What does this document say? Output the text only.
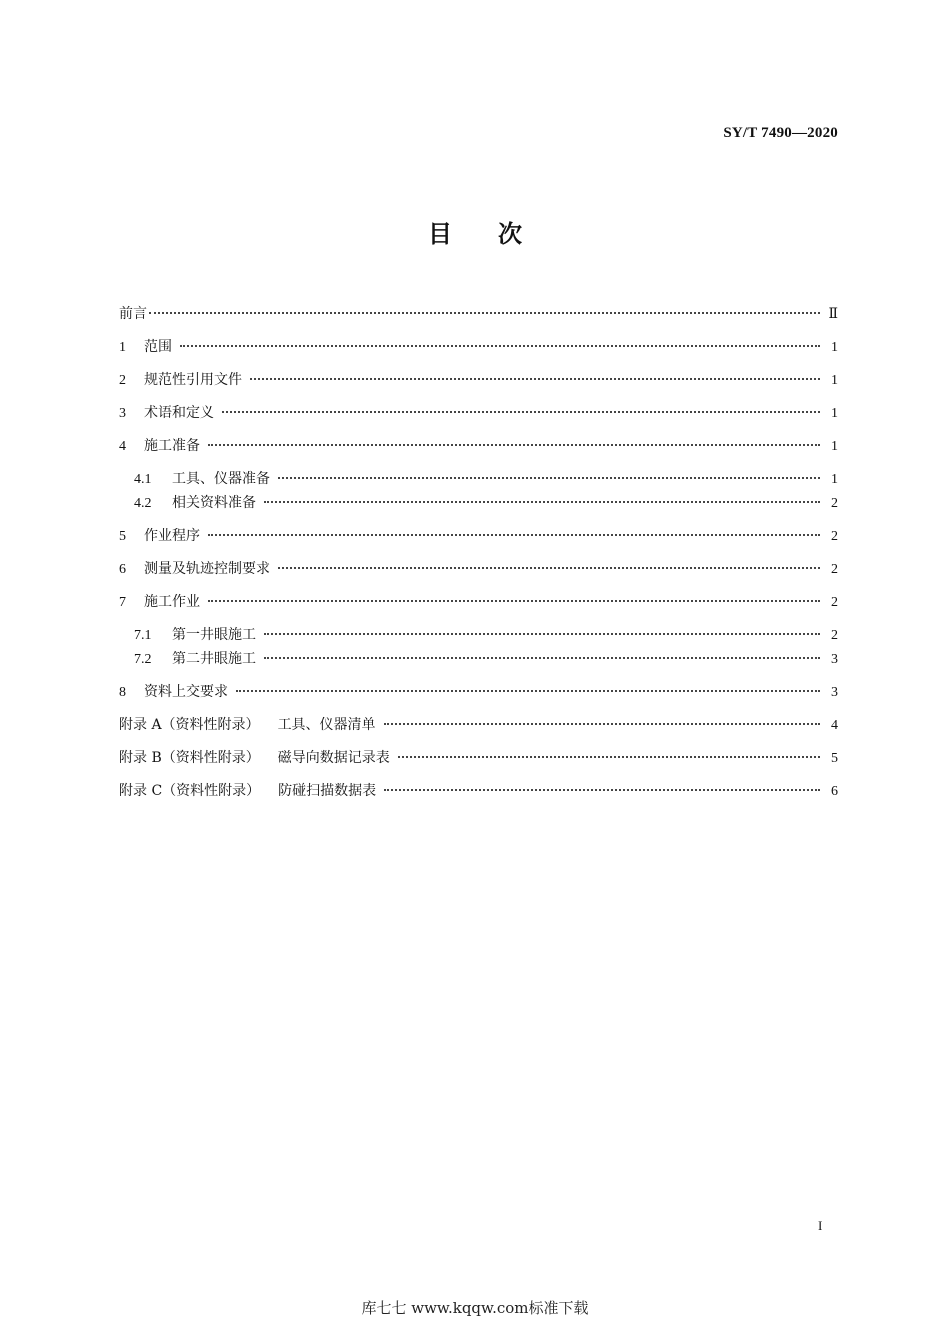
SY/T 7490—2020
目 次
前言	Ⅱ
1	范围	1
2	规范性引用文件	1
3	术语和定义	1
4	施工准备	1
4.1	工具、仪器准备	1
4.2	相关资料准备	2
5	作业程序	2
6	测量及轨迹控制要求	2
7	施工作业	2
7.1	第一井眼施工	2
7.2	第二井眼施工	3
8	资料上交要求	3
附录 A（资料性附录） 工具、仪器清单	4
附录 B（资料性附录） 磁导向数据记录表	5
附录 C（资料性附录） 防碰扫描数据表	6
I
库七七 www.kqqw.com标准下载
